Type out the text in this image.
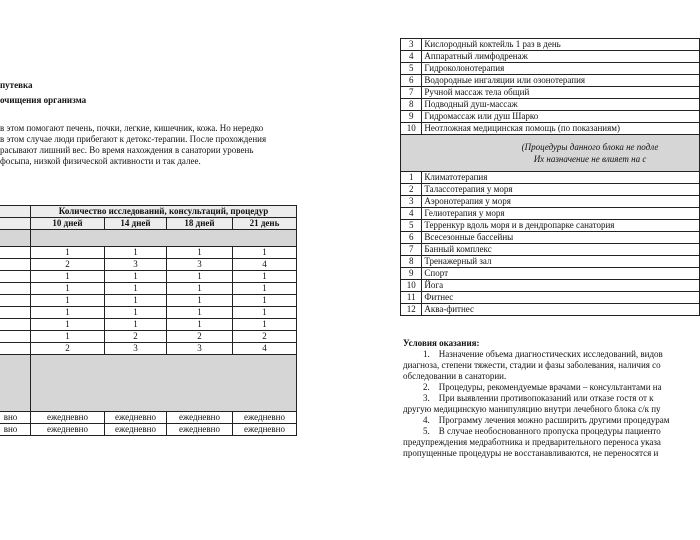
путевка
очищения организма
в этом помогают печень, почки, легкие, кишечник, кожа. Но нередко
в этом случае люди прибегают к детокс-терапии. После прохождения
расывают лишний вес. Во время нахождения в санатории уровень
фосыпа, низкой физической активности и так далее.
	Количество исследований, консультаций, процедур			
	10 дней	14 дней	18 дней	21 день

	1	1	1	1
	2	3	3	4
	1	1	1	1
	1	1	1	1
	1	1	1	1
	1	1	1	1
	1	1	1	1
	1	2	2	2
	2	3	3	4

вно	ежедневно	ежедневно	ежедневно	ежедневно
вно	ежедневно	ежедневно	ежедневно	ежедневно
3	Кислородный коктейль 1 раз в день
4	Аппаратный лимфодренаж
5	Гидроколонотерапия
6	Водородные ингаляции или озонотерапия
7	Ручной массаж тела общий
8	Подводный душ-массаж
9	Гидромассаж или душ Шарко
10	Неотложная медицинская помощь (по показаниям)

(Процедуры данного блока не подле
Их назначение не влияет на с	

1	Климатотерапия
2	Талассотерапия у моря
3	Аэронотерапия у моря
4	Гелиотерапия у моря
5	Терренкур вдоль моря и в дендропарке санатория
6	Всесезонные бассейны
7	Банный комплекс
8	Тренажерный зал
9	Спорт
10	Йога
11	Фитнес
12	Аква-фитнес
Условия оказания:
1. Назначение объема диагностических исследований, видов
диагноза, степени тяжести, стадии и фазы заболевания, наличия со
обследовании в санатории.
2. Процедуры, рекомендуемые врачами – консультантами на
3. При выявлении противопоказаний или отказе гостя от к
другую медицинскую манипуляцию внутри лечебного блока с/к пу
4. Программу лечения можно расширить другими процедурам
5. В случае необоснованного пропуска процедуры пациенто
предупреждения медработника и предварительного переноса указа
пропущенные процедуры не восстанавливаются, не переносятся и
